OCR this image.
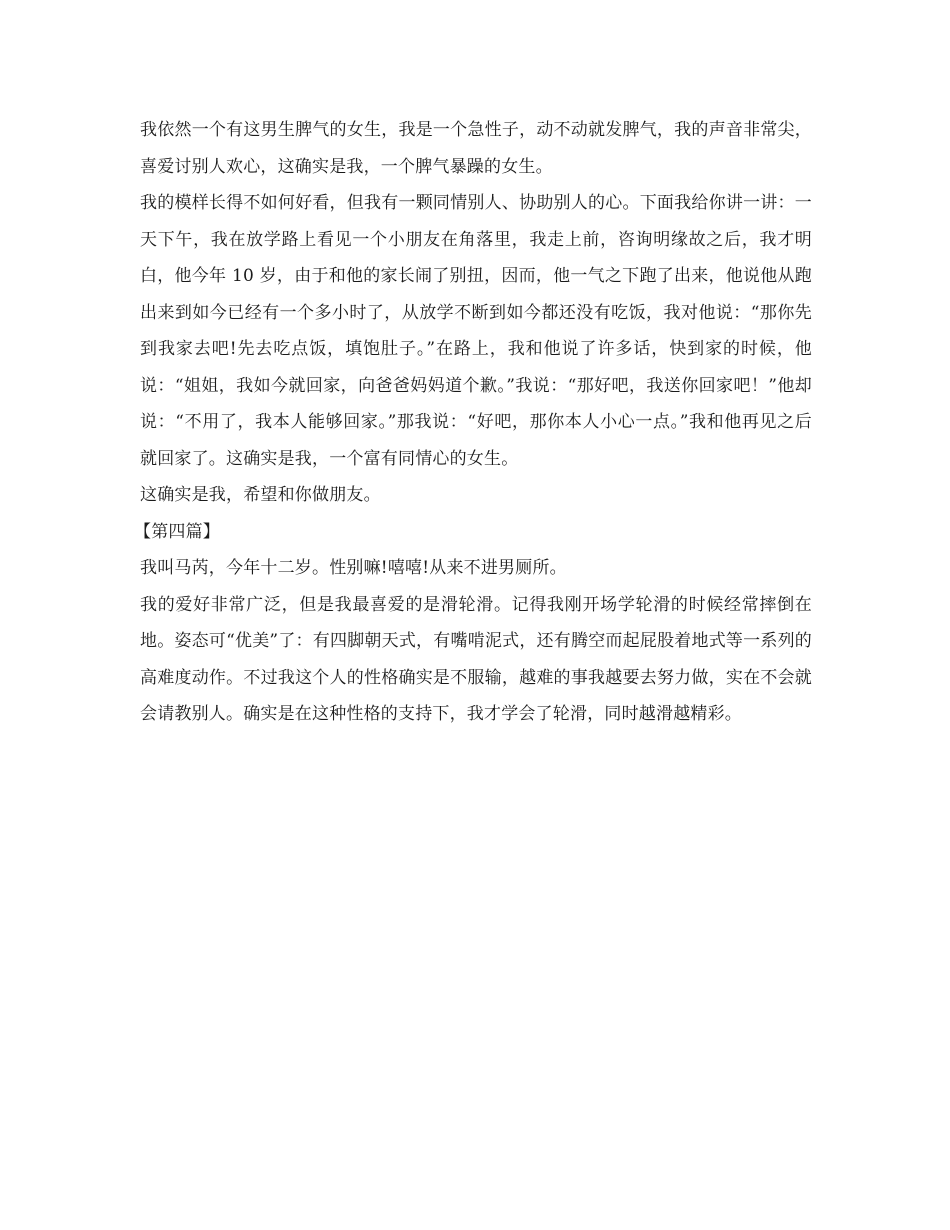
我依然一个有这男生脾气的女生，我是一个急性子，动不动就发脾气，我的声音非常尖，喜爱讨别人欢心，这确实是我，一个脾气暴躁的女生。

我的模样长得不如何好看，但我有一颗同情别人、协助别人的心。下面我给你讲一讲：一天下午，我在放学路上看见一个小朋友在角落里，我走上前，咨询明缘故之后，我才明白，他今年 10 岁，由于和他的家长闹了别扭，因而，他一气之下跑了出来，他说他从跑出来到如今已经有一个多小时了，从放学不断到如今都还没有吃饭，我对他说：“那你先到我家去吧!先去吃点饭，填饱肚子。”在路上，我和他说了许多话，快到家的时候，他说：“姐姐，我如今就回家，向爸爸妈妈道个歉。”我说：“那好吧，我送你回家吧！”他却说：“不用了，我本人能够回家。”那我说：“好吧，那你本人小心一点。”我和他再见之后就回家了。这确实是我，一个富有同情心的女生。

这确实是我，希望和你做朋友。

【第四篇】

我叫马芮，今年十二岁。性别嘛!嘻嘻!从来不进男厕所。

我的爱好非常广泛，但是我最喜爱的是滑轮滑。记得我刚开场学轮滑的时候经常摔倒在地。姿态可“优美”了：有四脚朝天式，有嘴啃泥式，还有腾空而起屁股着地式等一系列的高难度动作。不过我这个人的性格确实是不服输，越难的事我越要去努力做，实在不会就会请教别人。确实是在这种性格的支持下，我才学会了轮滑，同时越滑越精彩。
